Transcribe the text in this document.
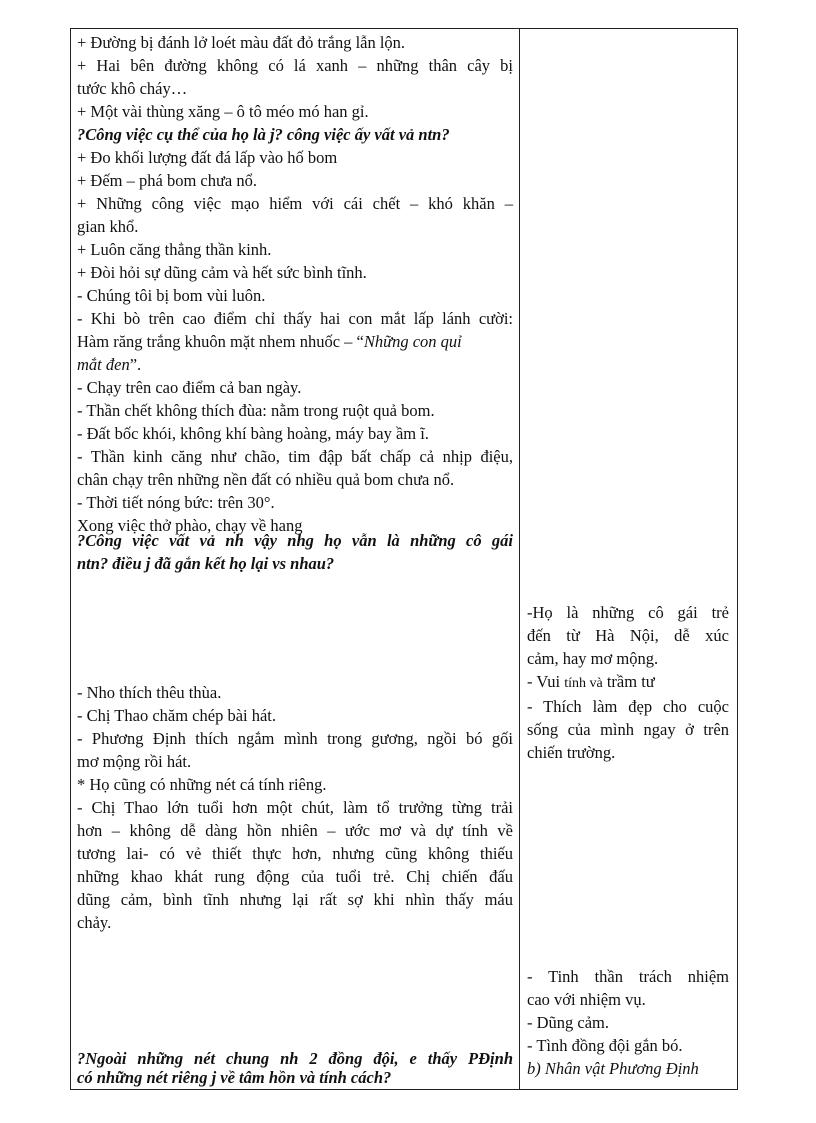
+ Đường bị đánh lở loét màu đất đỏ trắng lẫn lộn.
+ Hai bên đường không có lá xanh – những thân cây bị
tước khô cháy…
+ Một vài thùng xăng – ô tô méo mó han gỉ.
?Công việc cụ thể của họ là j? công việc ấy vất vả ntn?
+ Đo khối lượng đất đá lấp vào hố bom
+ Đếm – phá bom chưa nổ.
+ Những công việc mạo hiểm với cái chết – khó khăn –
gian khổ.
+ Luôn căng thẳng thần kinh.
+ Đòi hỏi sự dũng cảm và hết sức bình tĩnh.
- Chúng tôi bị bom vùi luôn.
- Khi bò trên cao điểm chỉ thấy hai con mắt lấp lánh cười:
Hàm răng trắng khuôn mặt nhem nhuốc – “Những con quỉ
mắt đen”.
- Chạy trên cao điểm cả ban ngày.
- Thần chết không thích đùa: nằm trong ruột quả bom.
- Đất bốc khói, không khí bàng hoàng, máy bay ầm ĩ.
- Thần kinh căng như chão, tim đập bất chấp cả nhịp điệu,
chân chạy trên những nền đất có nhiều quả bom chưa nổ.
- Thời tiết nóng bức: trên 30°.
Xong việc thở phào, chạy về hang
?Công việc vất vả nh vậy nhg họ vẫn là những cô gái
ntn? điều j đã gắn kết họ lại vs nhau?
-Họ là những cô gái trẻ
đến từ Hà Nội, dễ xúc
cảm, hay mơ mộng.
- Vui tính và trầm tư
- Thích làm đẹp cho cuộc
sống của mình ngay ở trên
chiến trường.
- Nho thích thêu thùa.
- Chị Thao chăm chép bài hát.
- Phương Định thích ngắm mình trong gương, ngồi bó gối
mơ mộng rồi hát.
* Họ cũng có những nét cá tính riêng.
- Chị Thao lớn tuổi hơn một chút, làm tổ trưởng từng trải
hơn – không dễ dàng hồn nhiên – ước mơ và dự tính về
tương lai- có vẻ thiết thực hơn, nhưng cũng không thiếu
những khao khát rung động của tuổi trẻ. Chị chiến đấu
dũng cảm, bình tĩnh nhưng lại rất sợ khi nhìn thấy máu
chảy.
- Tinh thần trách nhiệm
cao với nhiệm vụ.
- Dũng cảm.
- Tình đồng đội gắn bó.
b) Nhân vật Phương Định
?Ngoài những nét chung nh 2 đồng đội, e thấy PĐịnh
có những nét riêng j về tâm hồn và tính cách?
